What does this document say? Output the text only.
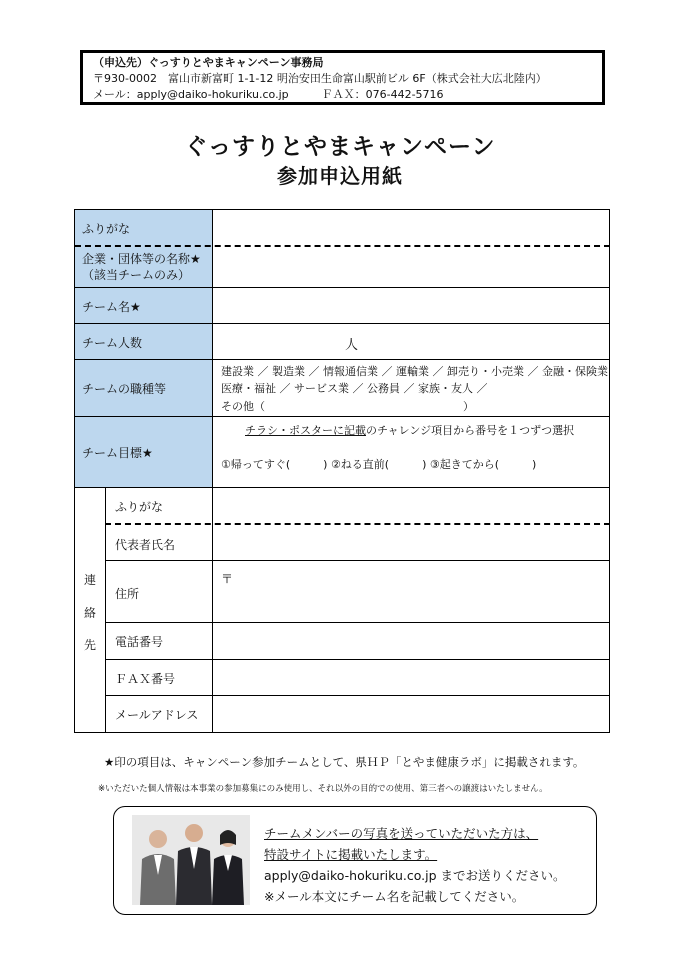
（申込先）ぐっすりとやまキャンペーン事務局
〒930-0002　富山市新富町 1-1-12 明治安田生命富山駅前ビル 6F（株式会社大広北陸内）
メール：apply@daiko-hokuriku.co.jp　　　ＦＡＸ：076-442-5716
ぐっすりとやまキャンペーン
参加申込用紙
ふりがな
企業・団体等の名称★
（該当チームのみ）
チーム名★
チーム人数
チームの職種等
チーム目標★
人
建設業 ／ 製造業 ／ 情報通信業 ／ 運輸業 ／ 卸売り・小売業 ／ 金融・保険業
医療・福祉 ／ サービス業 ／ 公務員 ／ 家族・友人 ／
その他（　　　　　　　　　　　　　　　　　　）
チラシ・ポスターに記載のチャレンジ項目から番号を１つずつ選択
①帰ってすぐ(　　　) ②ねる直前(　　　) ③起きてから(　　　)
連
絡
先
ふりがな
代表者氏名
住所
〒
電話番号
ＦＡＸ番号
メールアドレス
★印の項目は、キャンペーン参加チームとして、県ＨＰ「とやま健康ラボ」に掲載されます。
※いただいた個人情報は本事業の参加募集にのみ使用し、それ以外の目的での使用、第三者への譲渡はいたしません。
チームメンバーの写真を送っていただいた方は、
特設サイトに掲載いたします。
apply@daiko-hokuriku.co.jp までお送りください。
※メール本文にチーム名を記載してください。
